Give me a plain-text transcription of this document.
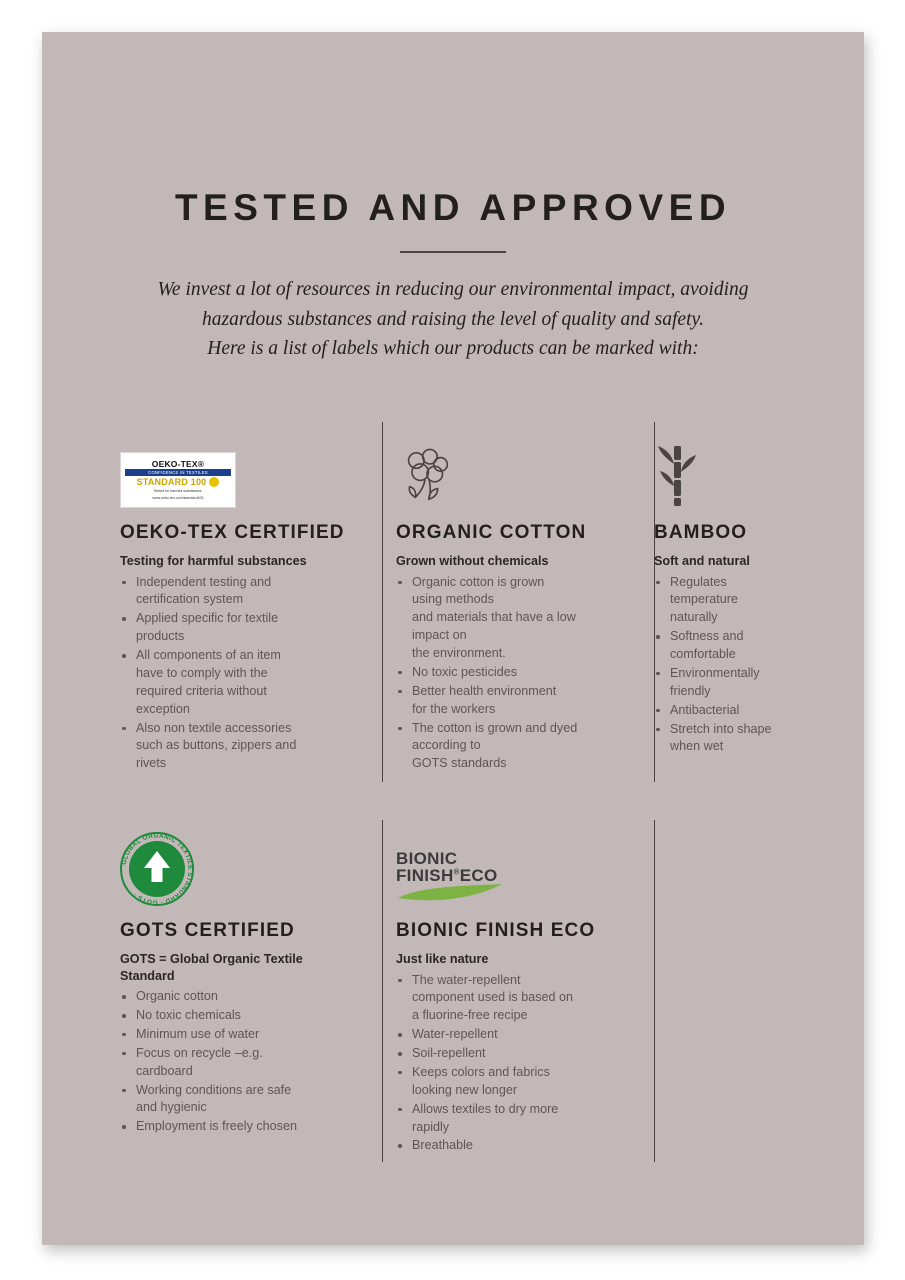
TESTED AND APPROVED
We invest a lot of resources in reducing our environmental impact, avoiding
hazardous substances and raising the level of quality and safety.
Here is a list of labels which our products can be marked with:
OEKO-TEX®
CONFIDENCE IN TEXTILES
STANDARD 100
Tested for harmful substances.
www.oeko-tex.com/standard100
OEKO-TEX CERTIFIED
Testing for harmful substances
Independent testing and
certification system
Applied specific for textile
products
All components of an item
have to comply with the
required criteria without
exception
Also non textile accessories
such as buttons, zippers and
rivets
ORGANIC COTTON
Grown without chemicals
Organic cotton is grown
using methods
and materials that have a low
impact on
the environment.
No toxic pesticides
Better health environment
for the workers
The cotton is grown and dyed
according to
GOTS standards
BAMBOO
Soft and natural
Regulates temperature
naturally
Softness and comfortable
Environmentally friendly
Antibacterial
Stretch into shape
when wet
GLOBAL ORGANIC TEXTILE STANDARD · GOTS ·
GOTS CERTIFIED
GOTS = Global Organic Textile
Standard
Organic cotton
No toxic chemicals
Minimum use of water
Focus on recycle –e.g.
cardboard
Working conditions are safe
and hygienic
Employment is freely chosen
BIONIC
FINISH®ECO
BIONIC FINISH ECO
Just like nature
The water-repellent
component used is based on
a fluorine-free recipe
Water-repellent
Soil-repellent
Keeps colors and fabrics
looking new longer
Allows textiles to dry more
rapidly
Breathable
